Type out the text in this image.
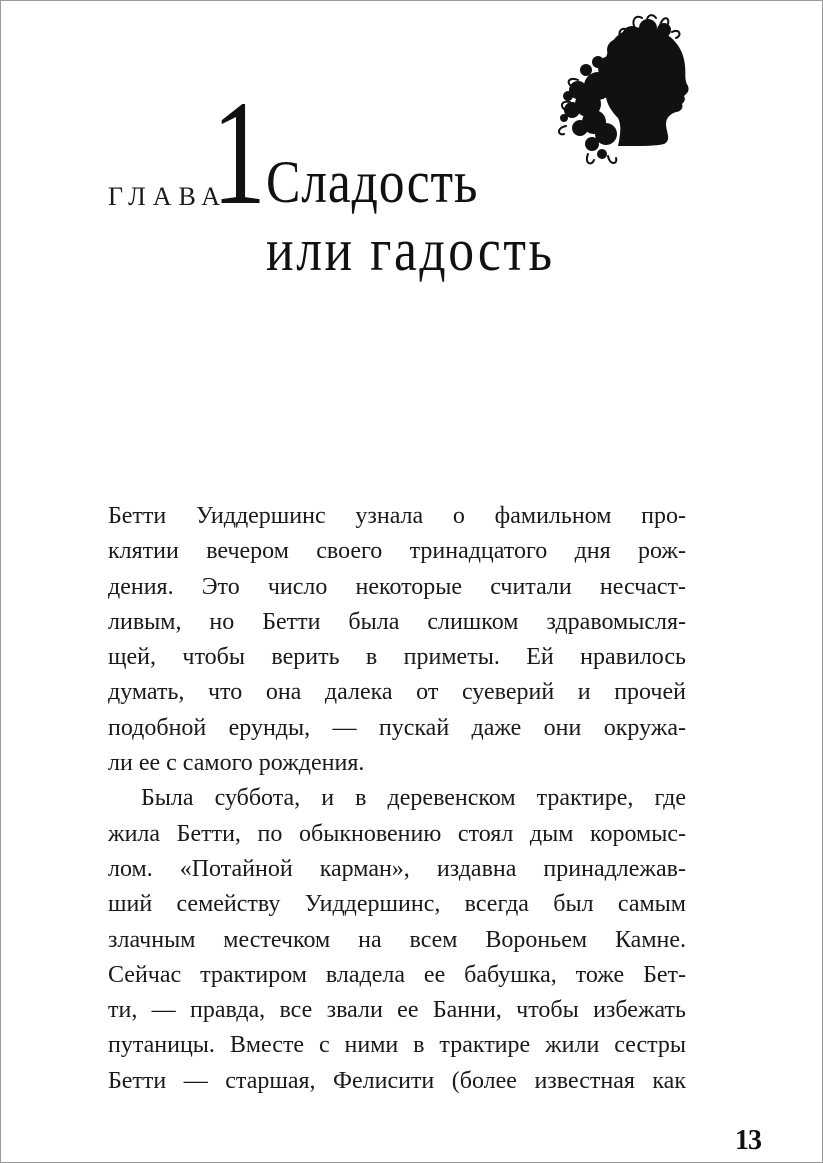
ГЛАВА
1 Сладость
или гадость
Бетти Уиддершинс узнала о фамильном про-
клятии вечером своего тринадцатого дня рож-
дения. Это число некоторые считали несчаст-
ливым, но Бетти была слишком здравомысля-
щей, чтобы верить в приметы. Ей нравилось
думать, что она далека от суеверий и прочей
подобной ерунды, — пускай даже они окружа-
ли ее с самого рождения.
Была суббота, и в деревенском трактире, где
жила Бетти, по обыкновению стоял дым коромыс-
лом. «Потайной карман», издавна принадлежав-
ший семейству Уиддершинс, всегда был самым
злачным местечком на всем Вороньем Камне.
Сейчас трактиром владела ее бабушка, тоже Бет-
ти, — правда, все звали ее Банни, чтобы избежать
путаницы. Вместе с ними в трактире жили сестры
Бетти — старшая, Фелисити (более известная как
13
